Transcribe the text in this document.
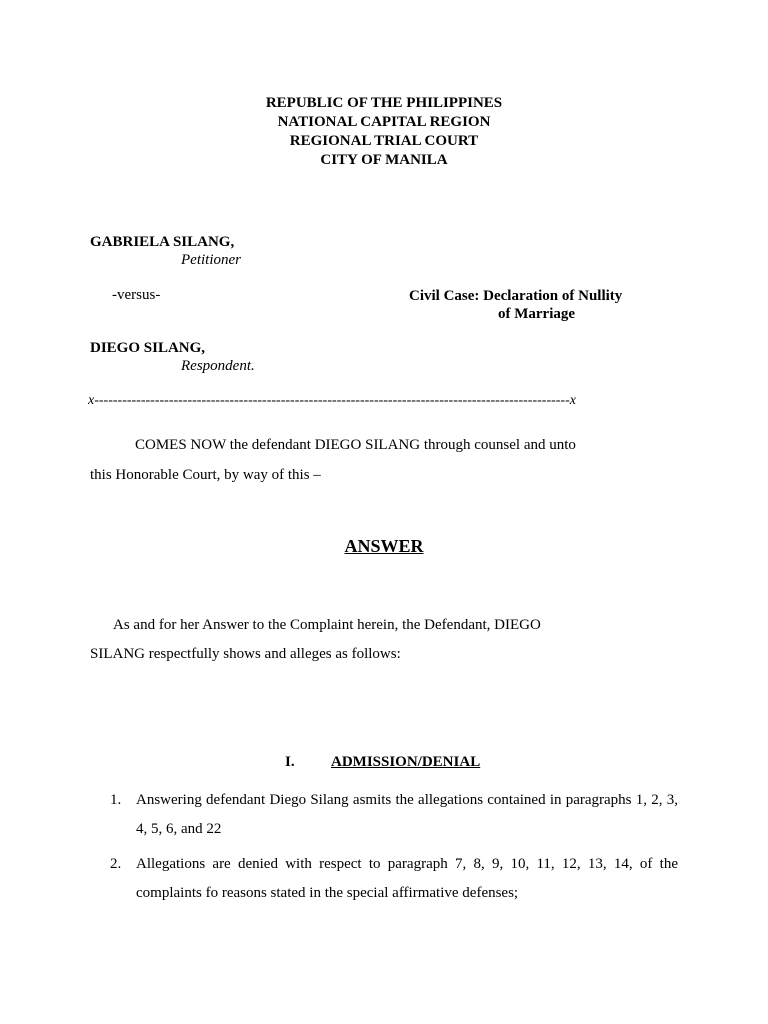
REPUBLIC OF THE PHILIPPINES
NATIONAL CAPITAL REGION
REGIONAL TRIAL COURT
CITY OF MANILA
GABRIELA SILANG,
Petitioner
-versus-	Civil Case: Declaration of Nullity
of Marriage
DIEGO SILANG,
Respondent.
x------------------------------------------------------------------------------------------------------x
COMES NOW the defendant DIEGO SILANG through counsel and unto
this Honorable Court, by way of this –
ANSWER
As and for her Answer to the Complaint herein, the Defendant, DIEGO
SILANG respectfully shows and alleges as follows:
I. ADMISSION/DENIAL
1. Answering defendant Diego Silang asmits the allegations contained in paragraphs 1, 2, 3, 4, 5, 6, and 22
2. Allegations are denied with respect to paragraph 7, 8, 9, 10, 11, 12, 13, 14, of the complaints fo reasons stated in the special affirmative defenses;
